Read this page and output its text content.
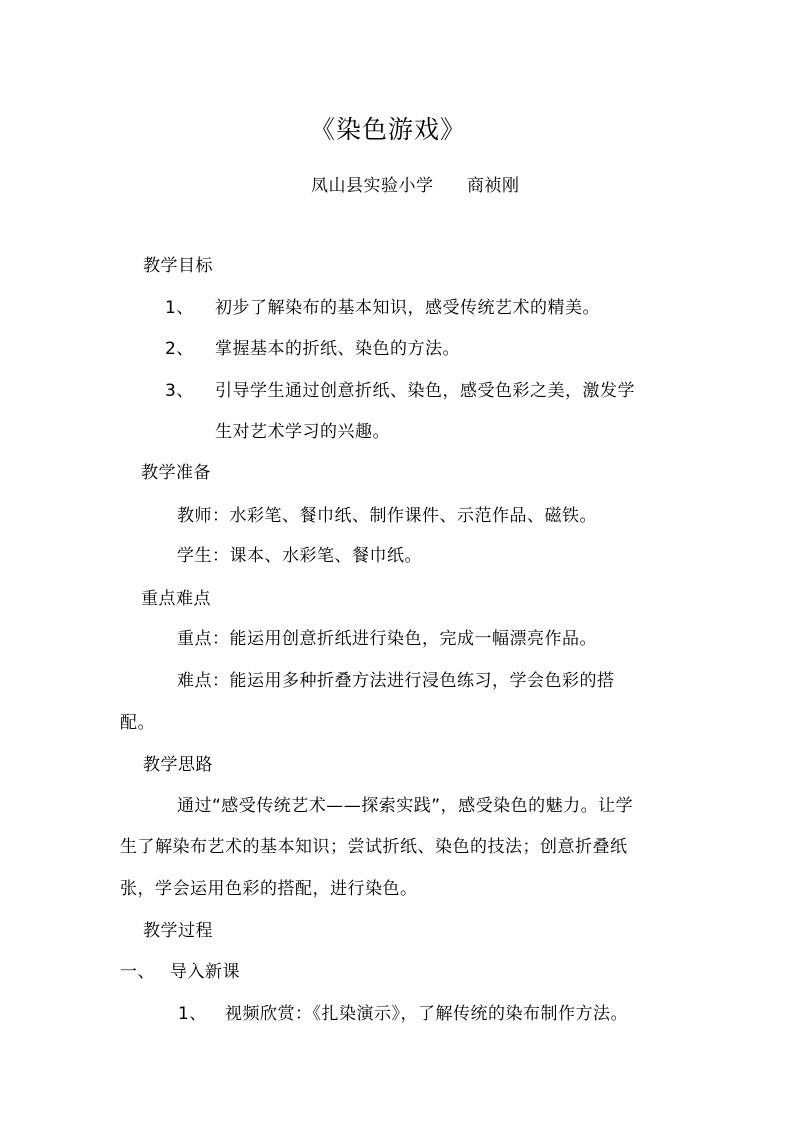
《染色游戏》
凤山县实验小学 商祯刚
教学目标
1、 初步了解染布的基本知识，感受传统艺术的精美。
2、 掌握基本的折纸、染色的方法。
3、 引导学生通过创意折纸、染色，感受色彩之美，激发学
生对艺术学习的兴趣。
教学准备
教师：水彩笔、餐巾纸、制作课件、示范作品、磁铁。
学生：课本、水彩笔、餐巾纸。
重点难点
重点：能运用创意折纸进行染色，完成一幅漂亮作品。
难点：能运用多种折叠方法进行浸色练习，学会色彩的搭
配。
教学思路
通过“感受传统艺术——探索实践”，感受染色的魅力。让学
生了解染布艺术的基本知识；尝试折纸、染色的技法；创意折叠纸
张，学会运用色彩的搭配，进行染色。
教学过程
一、 导入新课
1、 视频欣赏：《扎染演示》，了解传统的染布制作方法。
